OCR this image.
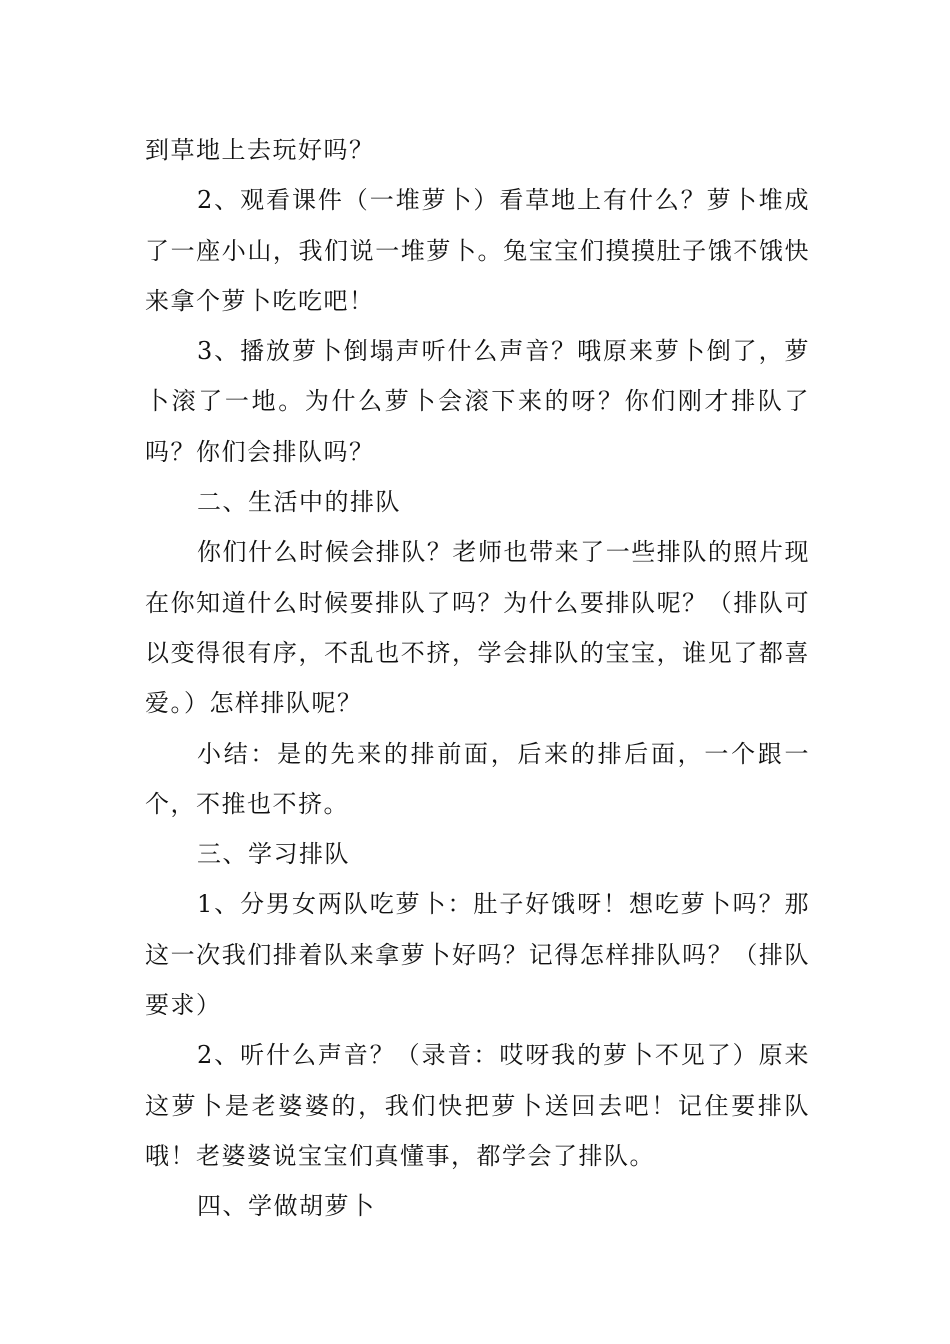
到草地上去玩好吗？

2、观看课件（一堆萝卜）看草地上有什么？萝卜堆成了一座小山，我们说一堆萝卜。兔宝宝们摸摸肚子饿不饿快来拿个萝卜吃吃吧！

3、播放萝卜倒塌声听什么声音？哦原来萝卜倒了，萝卜滚了一地。为什么萝卜会滚下来的呀？你们刚才排队了吗？你们会排队吗？

二、生活中的排队

你们什么时候会排队？老师也带来了一些排队的照片现在你知道什么时候要排队了吗？为什么要排队呢？（排队可以变得很有序，不乱也不挤，学会排队的宝宝，谁见了都喜爱。）怎样排队呢？

小结：是的先来的排前面，后来的排后面，一个跟一个，不推也不挤。

三、学习排队

1、分男女两队吃萝卜：肚子好饿呀！想吃萝卜吗？那这一次我们排着队来拿萝卜好吗？记得怎样排队吗？（排队要求）

2、听什么声音？（录音：哎呀我的萝卜不见了）原来这萝卜是老婆婆的，我们快把萝卜送回去吧！记住要排队哦！老婆婆说宝宝们真懂事，都学会了排队。

四、学做胡萝卜
